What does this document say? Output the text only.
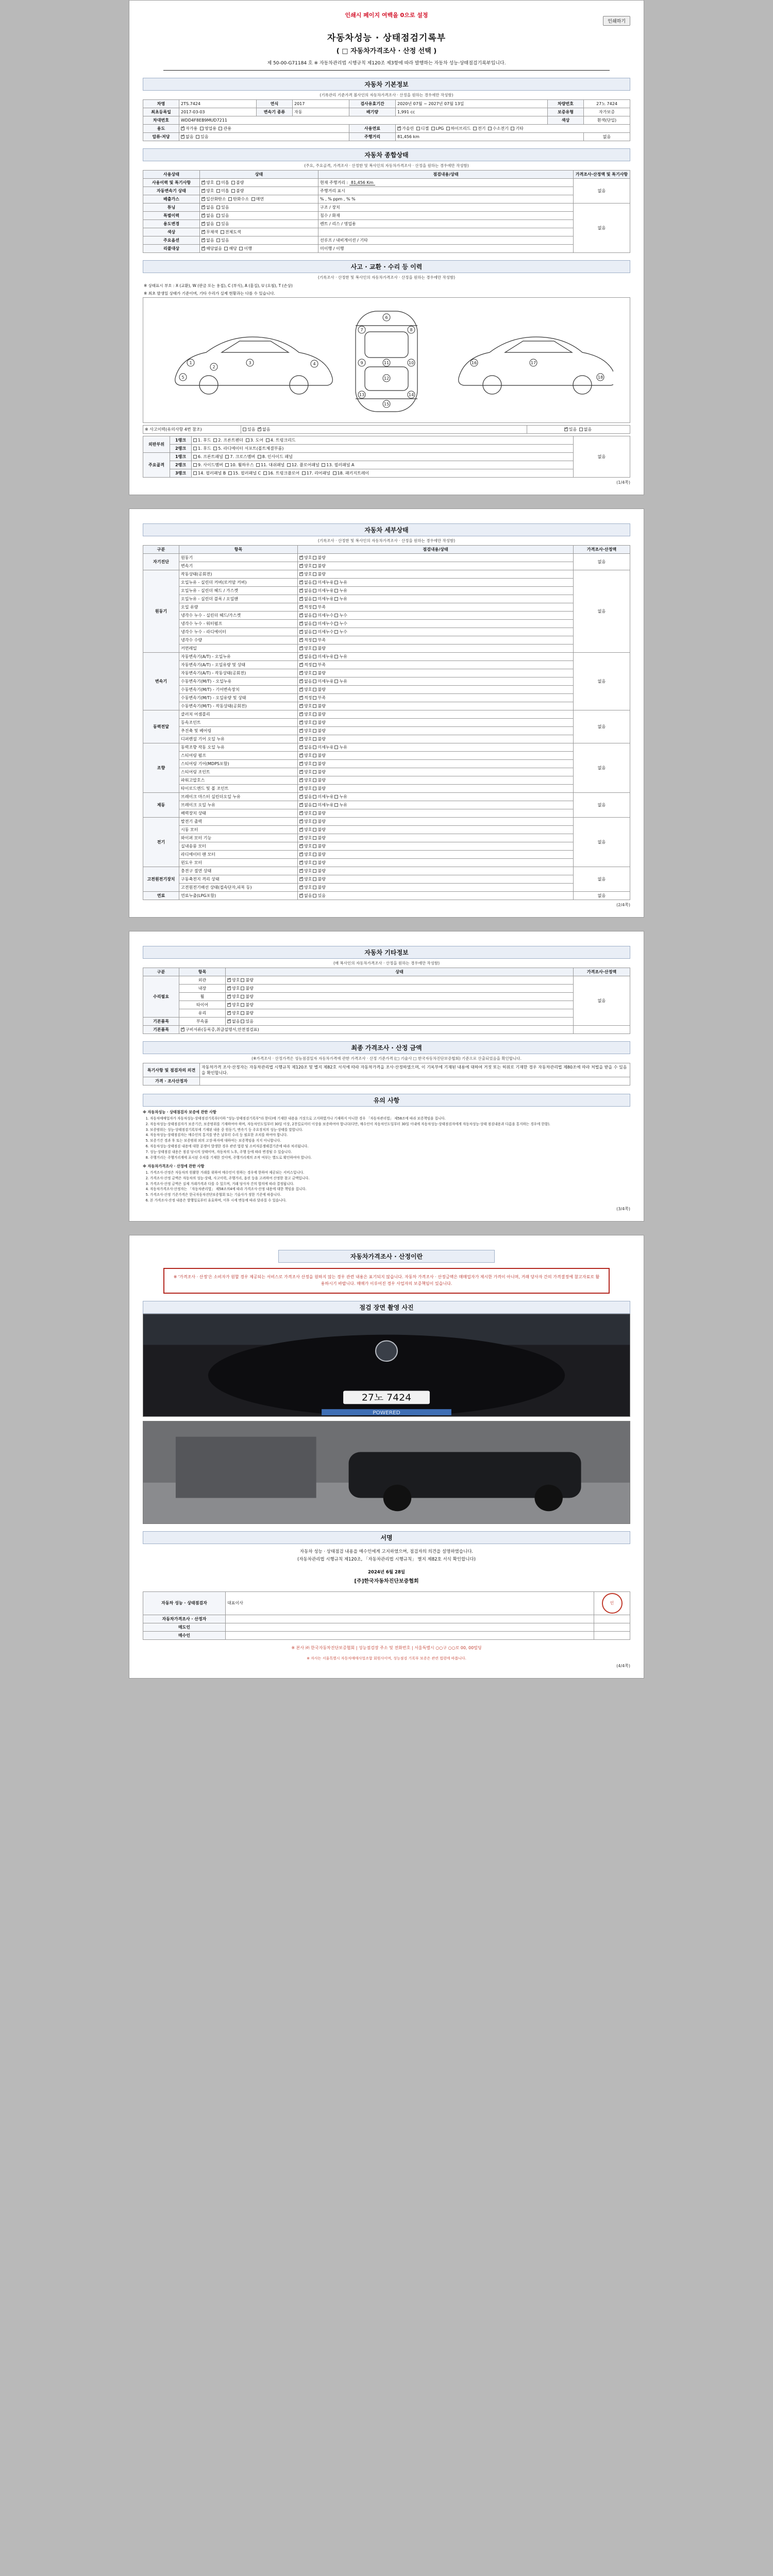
인쇄시 페이지 여백을 0으로 설정
인쇄하기
자동차성능 · 상태점검기록부
( □ 자동차가격조사 · 산정 선택 )
제 50-00-G71184 호 ※ 자동차관리법 시행규칙 제120조 제3항에 따라 발행하는 자동차 성능·상태점검기록부입니다.
자동차 기본정보
(기록관리 기준가격 볼사인의 자동차가격조사 · 산정을 원하는 경우에만 작성함)
차명	2TS.7424	연식	2017	검사유효기간	2020년 07월 ~ 2027년 07월 13일	차량번호	27노 7424
최초등록일	2017-03-03	변속기 종류	자동	배기량	1,991 cc	보증유형	자가보증
차대번호	WDD4F8EB9MUD7211					색상	흰색(단일)
용도	✓자가용 영업용 관용			사용연료	✓가솔린 디젤 LPG 하이브리드 전기 수소전기 기타
압류·저당	✓없음 있음			주행거리	81,456 km		없음
자동차 종합상태
(주요, 주요골격, 가격조사 · 산정한 및 복사인의 자동차가격조사 · 산정을 원하는 경우에만 작성함)
사용상태	상태	점검내용/상태	가격조사·산정액 및 특기사항
사용이력 및 특기사항	✓양호 미흡 불량	현재 주행거리 : 81,456 Km	없음
자동변속기 상태	✓양호 미흡 불량	주행거리 표시	
배출가스	✓일산화탄소 탄화수소 매연	% , % ppm , % %	
튜닝	✓없음 있음	구조 / 장치	없음
특별이력	✓없음 있음	침수 / 화재	
용도변경	✓없음 있음	렌트 / 리스 / 영업용	
색상	✓무채색 전체도색	
주요옵션	✓없음 있음	선루프 / 내비게이션 / 기타	
리콜대상	✓해당없음 해당 이행	미이행 / 이행	
사고 · 교환 · 수리 등 이력
(기록조사 · 산정한 및 복사인의 자동차가격조사 · 산정을 원하는 경우에만 작성함)
※ 상태표시 부호 : X (교환), W (판금 또는 용접), C (부식), A (흠집), U (요철), T (손상)
※ 최초 발생일 상태가 기준이며, 기타 수리가 실제 현황과는 다를 수 있습니다.
1
2
3	4
5
6
7	8
9	10
11
12
13	14
15
16	17
18
※ 사고이력(유의사항 4번 참조)	있음 ✓ 없음	✓있음 없음
외판부위	1랭크	1. 후드 2. 프론트펜더 3. 도어 4. 트렁크리드	없음
	2랭크	1. 후드 5. 라디에이터 서포트(볼트체결부품)	
주요골격	1랭크	6. 프론트패널 7. 크로스멤버 8. 인사이드 패널	
	2랭크	9. 사이드멤버 10. 휠하우스 11. 대쉬패널 12. 플로어패널 13. 필러패널 A	
	3랭크	14. 필러패널 B 15. 필러패널 C 16. 트렁크플로어 17. 리어패널 18. 패키지트레이	
(1/4쪽)
자동차 세부상태
(기록조사 · 산정한 및 복사인의 자동차가격조사 · 산정을 원하는 경우에만 작성함)
구분	항목	점검내용/상태	가격조사·산정액
자기진단	원동기	✓양호 불량	없음
	변속기	✓양호 불량
원동기	작동상태(공회전)	✓양호 불량	없음
	오일누유 - 실린더 커버(로커암 커버)	✓없음 미세누유 누유
	오일누유 - 실린더 헤드 / 가스켓	✓없음 미세누유 누유
	오일누유 - 실린더 블록 / 오일팬	✓없음 미세누유 누유
	오일 유량	✓적정 부족
	냉각수 누수 - 실린더 헤드/가스켓	✓없음 미세누수 누수
	냉각수 누수 - 워터펌프	✓없음 미세누수 누수
	냉각수 누수 - 라디에이터	✓없음 미세누수 누수
	냉각수 수량	✓적정 부족
	커먼레일	✓양호 불량
변속기	자동변속기(A/T) - 오일누유	✓없음 미세누유 누유	없음
	자동변속기(A/T) - 오일유량 및 상태	✓적정 부족
	자동변속기(A/T) - 작동상태(공회전)	✓양호 불량
	수동변속기(M/T) - 오일누유	✓없음 미세누유 누유
	수동변속기(M/T) - 기어변속장치	✓양호 불량
	수동변속기(M/T) - 오일유량 및 상태	✓적정 부족
	수동변속기(M/T) - 작동상태(공회전)	✓양호 불량
동력전달	클러치 어셈블리	✓양호 불량	없음
	등속조인트	✓양호 불량
	추진축 및 베어링	✓양호 불량
	디퍼렌셜 기어 오일 누유	✓양호 불량
조향	동력조향 작동 오일 누유	✓없음 미세누유 누유	없음
	스티어링 펌프	✓양호 불량
	스티어링 기어(MDPS포함)	✓양호 불량
	스티어링 조인트	✓양호 불량
	파워고압호스	✓양호 불량
	타이로드엔드 및 볼 조인트	✓양호 불량
제동	브레이크 마스터 실린더오일 누유	✓없음 미세누유 누유	없음
	브레이크 오일 누유	✓없음 미세누유 누유
	배력장치 상태	✓양호 불량
전기	발전기 출력	✓양호 불량	없음
	시동 모터	✓양호 불량
	와이퍼 모터 기능	✓양호 불량
	실내송풍 모터	✓양호 불량
	라디에이터 팬 모터	✓양호 불량
	윈도우 모터	✓양호 불량
고전원전기장치	충전구 절연 상태	✓양호 불량	없음
	구동축전지 격리 상태	✓양호 불량
	고전원전기배선 상태(접속단자,피복 등)	✓양호 불량
연료	연료누출(LPG포함)	✓없음 있음	없음
(2/4쪽)
자동차 기타정보
(매 복사인의 자동차가격조사 · 산정을 원하는 경우에만 작성함)
구분	항목	상태	가격조사·산정액
수리필요	외관	✓양호 불량	없음
	내장	✓양호 불량
	휠	✓양호 불량
	타이어	✓양호 불량
	유리	✓양호 불량
기본품목	부속품	✓없음 있음
기본품목	✓구비서류(등록증,취급설명서,안전점검표)	
최종 가격조사 · 산정 금액
(※가격조사 · 산정가격은 성능점검일자 자동차가격에 관한 가격조사 · 산정 기준가격 (□ 기술사 □ 한국자동차진단보증협회) 기준으로 산출되었음을 확인합니다.
특기사항 및 점검자의 의견	자동차가격 조사·산정자는 자동차관리법 시행규칙 제120조 및 별지 제82호 서식에 따라 자동차가격을 조사·산정하였으며, 이 기록부에 기재된 내용에 대하여 거짓 또는 허위로 기재한 경우 자동차관리법 제80조에 따라 처벌을 받을 수 있음을 확인합니다.
가격 · 조사산정자	
유의 사항
※ 자동차성능 · 상태점검자 보증에 관한 사항
1. 자동차매매업자가 자동차성능·상태점검기록부(이하 "성능·상태점검기록부"라 한다)에 기재한 내용을 거짓으로 고지하였거나 기재하지 아니한 경우 「자동차관리법」 제58조에 따라 보증책임을 집니다.
2. 자동차성능·상태점검자가 보증기간, 보증범위를 기재하여야 하며, 자동차인도일부터 30일 이상, 2천킬로미터 이상을 보증하여야 합니다(다만, 매수인이 자동차인도일부터 30일 이내에 자동차성능·상태점검자에게 자동차성능·상태 점검내용과 다름을 통지하는 경우에 한함).
3. 보증범위는 성능·상태점검기록부에 기재된 내용 중 원동기, 변속기 등 주요장치의 성능·상태를 말합니다.
4. 자동차성능·상태점검자는 매수인의 통지를 받은 날부터 수리 등 필요한 조치를 하여야 합니다.
5. 보증기간 경과 후 또는 보증범위 외의 고장·하자에 대하여는 보증책임을 지지 아니합니다.
6. 자동차성능·상태점검 내용에 대한 분쟁이 발생한 경우 관련 법령 및 소비자분쟁해결기준에 따라 처리됩니다.
7. 성능·상태점검 내용은 점검 당시의 상태이며, 자동차의 노후, 주행 등에 따라 변경될 수 있습니다.
8. 주행거리는 주행거리계에 표시된 수치를 기재한 것이며, 주행거리계의 조작 여부는 별도로 확인하여야 합니다.
※ 자동차가격조사 · 산정에 관한 사항
1. 가격조사·산정은 자동차의 원활한 거래를 위하여 매수인이 원하는 경우에 한하여 제공되는 서비스입니다.
2. 가격조사·산정 금액은 자동차의 성능·상태, 사고이력, 주행거리, 옵션 등을 고려하여 산정한 참고 금액입니다.
3. 가격조사·산정 금액은 실제 거래가격과 다를 수 있으며, 거래 당사자 간의 합의에 따라 결정됩니다.
4. 자동차가격조사·산정자는 「자동차관리법」 제58조의4에 따라 가격조사·산정 내용에 대한 책임을 집니다.
5. 가격조사·산정 기준가격은 한국자동차진단보증협회 또는 기술사가 정한 기준에 따릅니다.
6. 본 가격조사·산정 내용은 발행일로부터 유효하며, 이후 시세 변동에 따라 달라질 수 있습니다.
(3/4쪽)
자동차가격조사 · 산정이란
※ '가격조사 · 산정'은 소비자가 원할 경우 제공되는 서비스로 가격조사 산정을 원하지 않는 경우 관련 내용은 표기되지 않습니다. 자동차 가격조사 · 산정금액은 매매업자가 제시한 가격이 아니며, 거래 당사자 간의 가격결정에 참고자료로 활용하시기 바랍니다. 매매가 이루어진 경우 사업자의 보증책임이 있습니다.
점검 장면 촬영 사진
27노 7424
POWERED
서명
자동차 성능 · 상태점검 내용을 매수인에게 고지하였으며, 점검자의 의견을 설명하였습니다.
(자동차관리법 시행규칙 제120조, 「자동차관리법 시행규칙」 별지 제82호 서식 확인합니다)
2024년 6월 28일
[주]한국자동차진단보증협회
자동차 성능 · 상태점검자	대표이사	인
자동차가격조사 · 산정자		
매도인		
매수인		
※ 본사 ㈜ 한국자동차진단보증협회 | 성능점검장 주소 및 전화번호 | 서울특별시 ○○구 ○○로 00, 00빌딩
※ 자사는 서울특별시 자동차매매사업조합 회원사이며, 성능점검 기록부 보증은 관련 법령에 따릅니다.
(4/4쪽)
